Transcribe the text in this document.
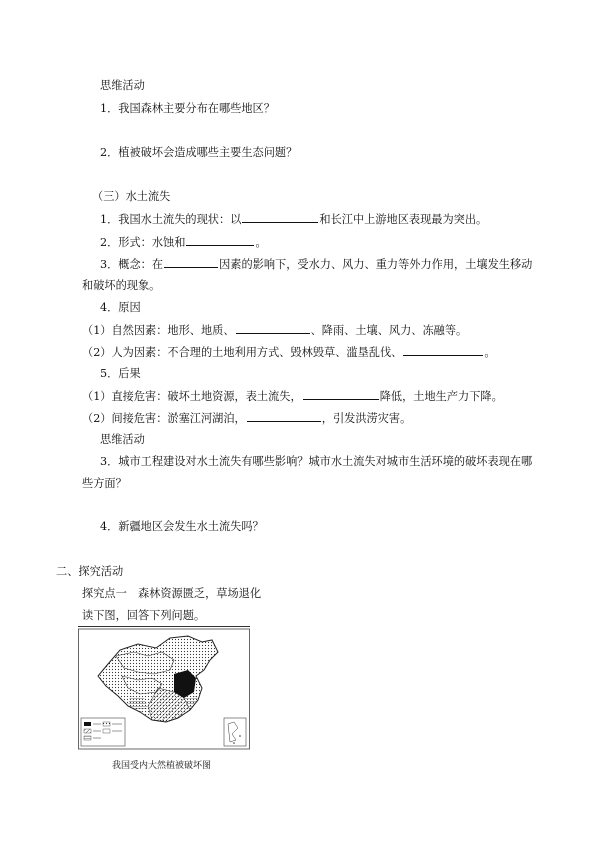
思维活动
1．我国森林主要分布在哪些地区？
2．植被破坏会造成哪些主要生态问题？
（三）水土流失
1．我国水土流失的现状：以	和长江中上游地区表现最为突出。
2．形式：水蚀和	。
3．概念：在	因素的影响下，受水力、风力、重力等外力作用，土壤发生移动
和破坏的现象。
4．原因
（1）自然因素：地形、地质、	、降雨、土壤、风力、冻融等。
（2）人为因素：不合理的土地利用方式、毁林毁草、滥垦乱伐、	。
5．后果
（1）直接危害：破坏土地资源，表土流失，	降低，土地生产力下降。
（2）间接危害：淤塞江河湖泊，	，引发洪涝灾害。
思维活动
3．城市工程建设对水土流失有哪些影响？城市水土流失对城市生活环境的破坏表现在哪
些方面？
4．新疆地区会发生水土流失吗？
二、探究活动
探究点一　森林资源匮乏，草场退化
读下图，回答下列问题。
我国受内大然植被破坏图
